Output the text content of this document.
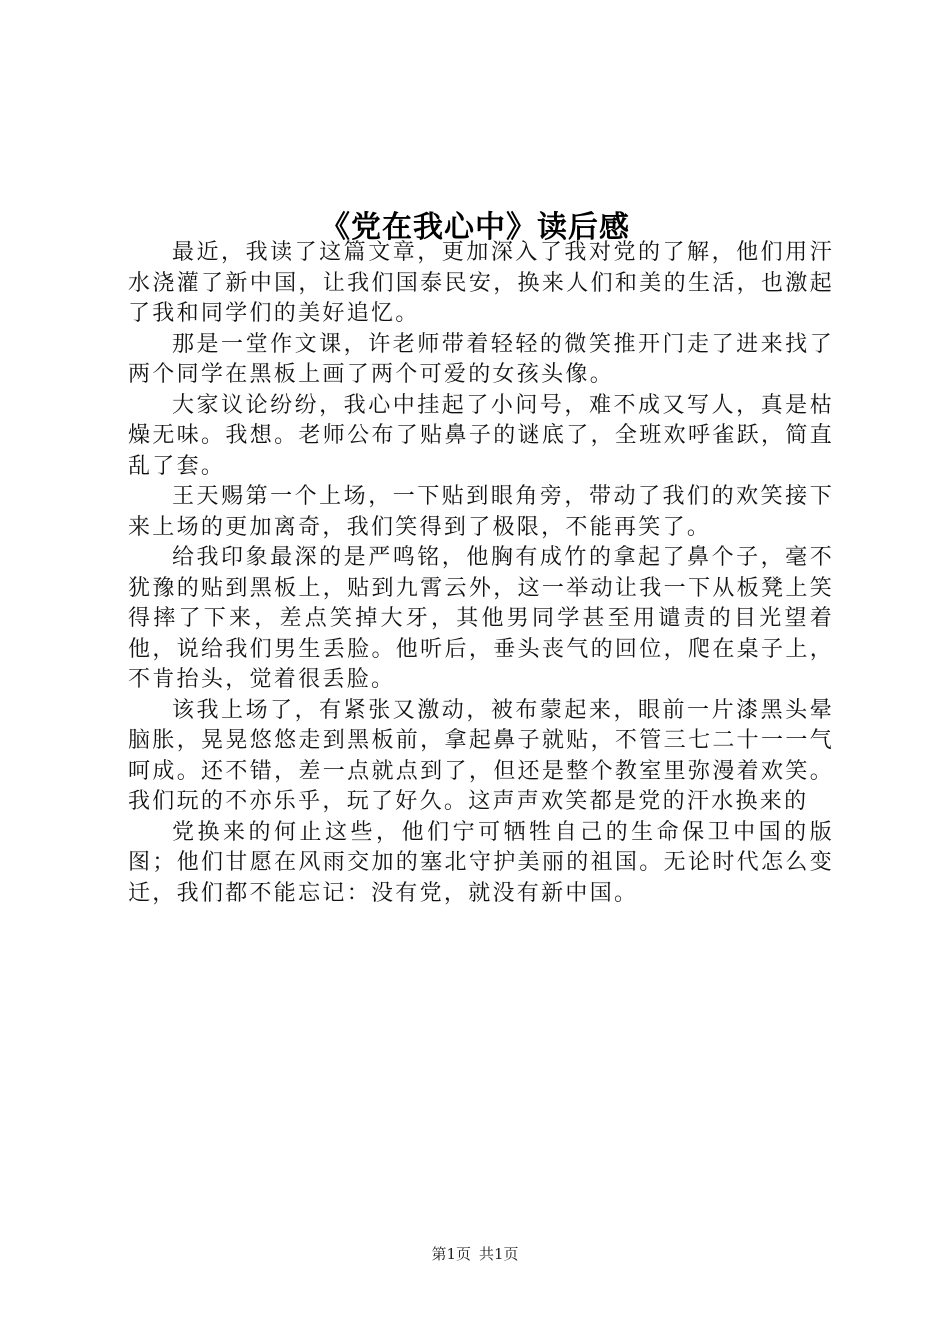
《党在我心中》读后感

最近，我读了这篇文章，更加深入了我对党的了解，他们用汗水浇灌了新中国，让我们国泰民安，换来人们和美的生活，也激起了我和同学们的美好追忆。

那是一堂作文课，许老师带着轻轻的微笑推开门走了进来找了两个同学在黑板上画了两个可爱的女孩头像。

大家议论纷纷，我心中挂起了小问号，难不成又写人，真是枯燥无味。我想。老师公布了贴鼻子的谜底了，全班欢呼雀跃，简直乱了套。

王天赐第一个上场，一下贴到眼角旁，带动了我们的欢笑接下来上场的更加离奇，我们笑得到了极限，不能再笑了。

给我印象最深的是严鸣铭，他胸有成竹的拿起了鼻个子，毫不犹豫的贴到黑板上，贴到九霄云外，这一举动让我一下从板凳上笑得摔了下来，差点笑掉大牙，其他男同学甚至用谴责的目光望着他，说给我们男生丢脸。他听后，垂头丧气的回位，爬在桌子上，不肯抬头，觉着很丢脸。

该我上场了，有紧张又激动，被布蒙起来，眼前一片漆黑头晕脑胀，晃晃悠悠走到黑板前，拿起鼻子就贴，不管三七二十一一气呵成。还不错，差一点就点到了，但还是整个教室里弥漫着欢笑。我们玩的不亦乐乎，玩了好久。这声声欢笑都是党的汗水换来的

党换来的何止这些，他们宁可牺牲自己的生命保卫中国的版图；他们甘愿在风雨交加的塞北守护美丽的祖国。无论时代怎么变迁，我们都不能忘记：没有党，就没有新中国。

第1页 共1页
